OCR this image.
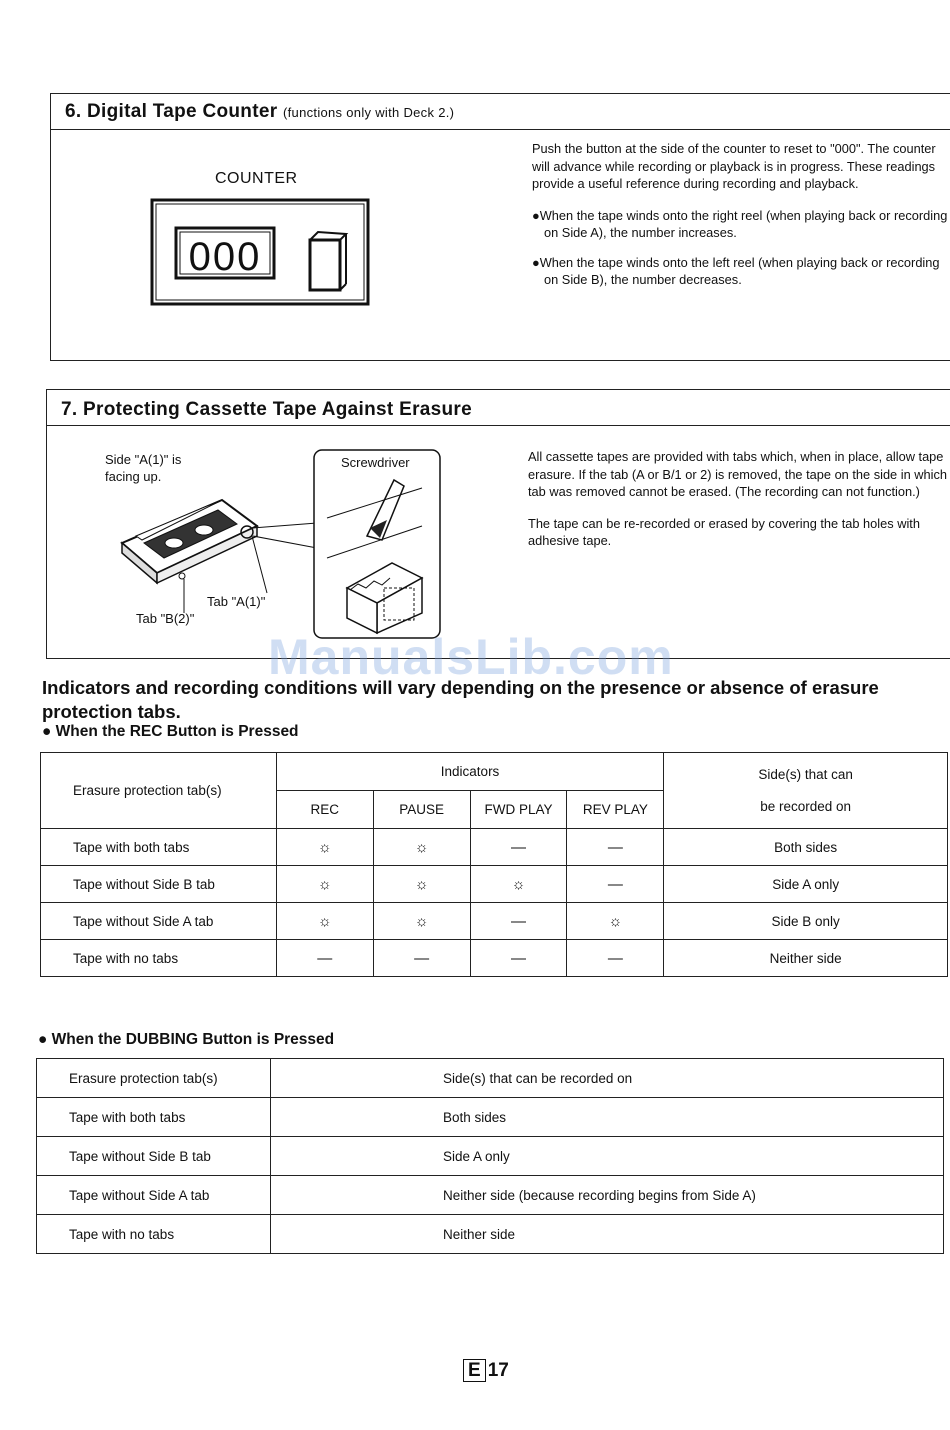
6. Digital Tape Counter (functions only with Deck 2.)
COUNTER
000

Push the button at the side of the counter to reset to "000". The counter will advance while recording or playback is in progress. These readings provide a useful reference during recording and playback.

●When the tape winds onto the right reel (when playing back or recording on Side A), the number increases.

●When the tape winds onto the left reel (when playing back or recording on Side B), the number decreases.

7. Protecting Cassette Tape Against Erasure
Side "A(1)" is facing up.
Tab "A(1)"
Tab "B(2)"
Screwdriver	All cassette tapes are provided with tabs which, when in place, allow tape erasure. If the tab (A or B/1 or 2) is removed, the tape on the side in which tab was removed cannot be erased. (The recording can not function.)

The tape can be re-recorded or erased by covering the tab holes with adhesive tape.

ManualsLib.com
Indicators and recording conditions will vary depending on the presence or absence of erasure protection tabs.
● When the REC Button is Pressed
Erasure protection tab(s)	Indicators				Side(s) that can
be recorded on

	REC	PAUSE	FWD PLAY	REV PLAY	
Tape with both tabs	☼	☼	—	—	Both sides
Tape without Side B tab	☼	☼	☼	—	Side A only
Tape without Side A tab	☼	☼	—	☼	Side B only
Tape with no tabs	—	—	—	—	Neither side
● When the DUBBING Button is Pressed
Erasure protection tab(s)	Side(s) that can be recorded on
Tape with both tabs	Both sides
Tape without Side B tab	Side A only
Tape without Side A tab	Neither side (because recording begins from Side A)
Tape with no tabs	Neither side
E 17
